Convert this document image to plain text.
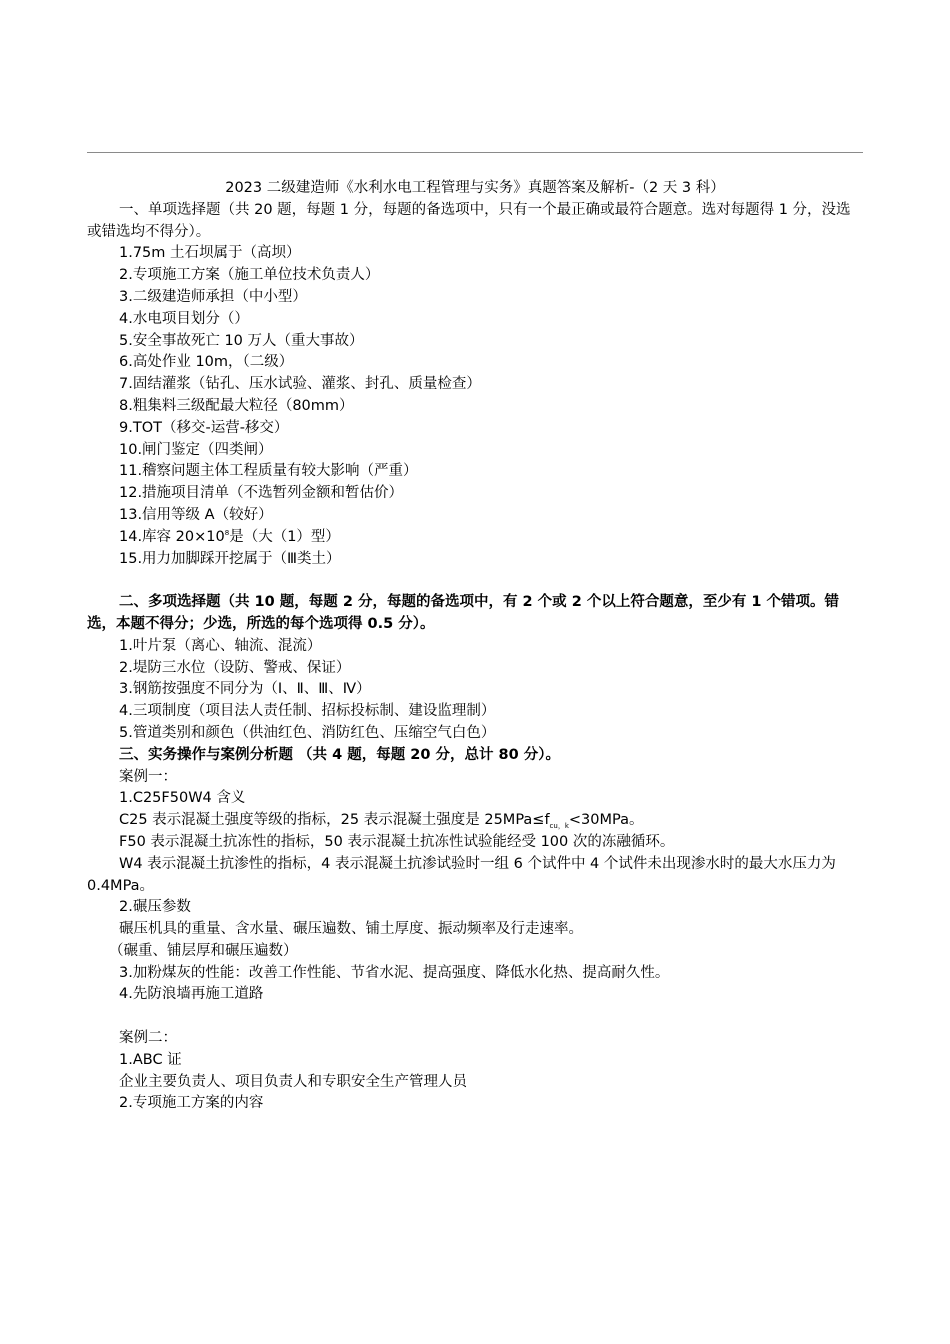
2023 二级建造师《水利水电工程管理与实务》真题答案及解析-（2 天 3 科）

一、单项选择题（共 20 题，每题 1 分，每题的备选项中，只有一个最正确或最符合题意。选对每题得 1 分，没选或错选均不得分）。

1.75m 土石坝属于（高坝）

2.专项施工方案（施工单位技术负责人）

3.二级建造师承担（中小型）

4.水电项目划分（）

5.安全事故死亡 10 万人（重大事故）

6.高处作业 10m，（二级）

7.固结灌浆（钻孔、压水试验、灌浆、封孔、质量检查）

8.粗集料三级配最大粒径（80mm）

9.TOT（移交-运营-移交）

10.闸门鉴定（四类闸）

11.稽察问题主体工程质量有较大影响（严重）

12.措施项目清单（不选暂列金额和暂估价）

13.信用等级 A（较好）

14.库容 $20\times 10^8$是（大（1）型）

15.用力加脚踩开挖属于（Ⅲ类土）

二、多项选择题（共 10 题，每题 2 分，每题的备选项中，有 2 个或 2 个以上符合题意，至少有 1 个错项。错选，本题不得分；少选，所选的每个选项得 0.5 分）。

1.叶片泵（离心、轴流、混流）

2.堤防三水位（设防、警戒、保证）

3.钢筋按强度不同分为（Ⅰ、Ⅱ、Ⅲ、Ⅳ）

4.三项制度（项目法人责任制、招标投标制、建设监理制）

5.管道类别和颜色（供油红色、消防红色、压缩空气白色）

三、实务操作与案例分析题 （共 4 题，每题 20 分，总计 80 分）。

案例一：

1.C25F50W4 含义

C25 表示混凝土强度等级的指标，25 表示混凝土强度是 $25MPa\le f_{cu,k}<30MPa$。

F50 表示混凝土抗冻性的指标，50 表示混凝土抗冻性试验能经受 100 次的冻融循环。

W4 表示混凝土抗渗性的指标，4 表示混凝土抗渗试验时一组 6 个试件中 4 个试件未出现渗水时的最大水压力为 0.4MPa。

2.碾压参数

碾压机具的重量、含水量、碾压遍数、铺土厚度、振动频率及行走速率。

（碾重、铺层厚和碾压遍数）

3.加粉煤灰的性能：改善工作性能、节省水泥、提高强度、降低水化热、提高耐久性。

4.先防浪墙再施工道路

案例二：

1.ABC 证

企业主要负责人、项目负责人和专职安全生产管理人员

2.专项施工方案的内容
